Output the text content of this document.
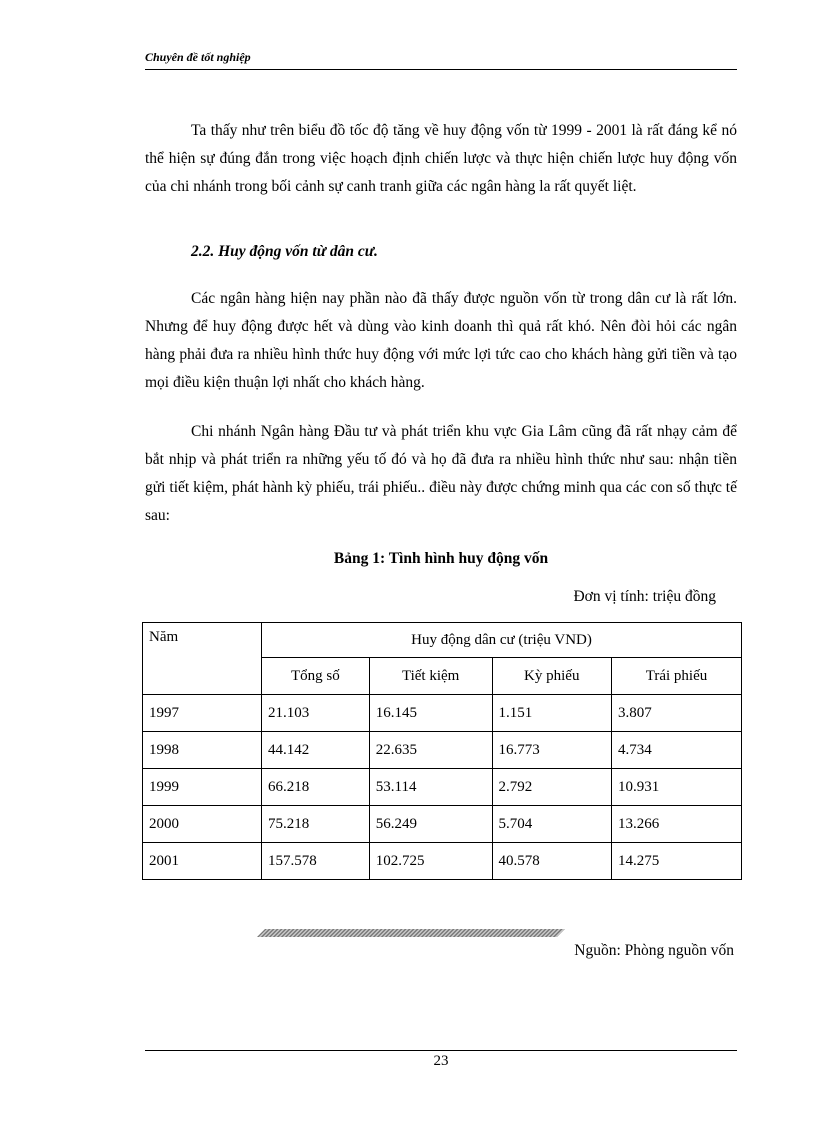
Chuyên đề tốt nghiệp

Ta thấy như trên biểu đồ tốc độ tăng về huy động vốn từ 1999 - 2001 là rất đáng kể nó thể hiện sự đúng đắn trong việc hoạch định chiến lược và thực hiện chiến lược huy động vốn của chi nhánh trong bối cảnh sự canh tranh giữa các ngân hàng la rất quyết liệt.

2.2. Huy động vốn từ dân cư.

Các ngân hàng hiện nay phần nào đã thấy được nguồn vốn từ trong dân cư là rất lớn. Nhưng để huy động được hết và dùng vào kinh doanh thì quả rất khó. Nên đòi hỏi các ngân hàng phải đưa ra nhiều hình thức huy động với mức lợi tức cao cho khách hàng gửi tiền và tạo mọi điều kiện thuận lợi nhất cho khách hàng.

Chi nhánh Ngân hàng Đầu tư và phát triển khu vực Gia Lâm cũng đã rất nhạy cảm để bắt nhịp và phát triển ra những yếu tố đó và họ đã đưa ra nhiều hình thức như sau: nhận tiền gửi tiết kiệm, phát hành kỳ phiếu, trái phiếu.. điều này được chứng minh qua các con số thực tế sau:

Bảng 1: Tình hình huy động vốn
Đơn vị tính: triệu đồng
Năm	Huy động dân cư (triệu VND)			
	Tổng số	Tiết kiệm	Kỳ phiếu	Trái phiếu
1997	21.103	16.145	1.151	3.807
1998	44.142	22.635	16.773	4.734
1999	66.218	53.114	2.792	10.931
2000	75.218	56.249	5.704	13.266
2001	157.578	102.725	40.578	14.275
Nguồn: Phòng nguồn vốn
23
